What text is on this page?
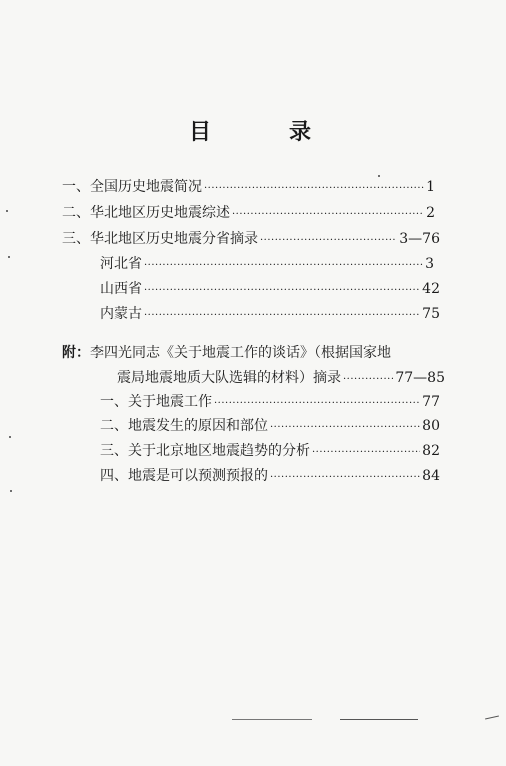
目	录
一、全国历史地震简况 ·····	1
二、华北地区历史地震综述 ·····	2
三、华北地区历史地震分省摘录 ·····	3—76
河北省 ·····	3
山西省 ·····	42
内蒙古 ·····	75
附：李四光同志《关于地震工作的谈话》（根据国家地
震局地震地质大队选辑的材料）摘录 ·····	77—85
一、关于地震工作 ·····	77
二、地震发生的原因和部位 ·····	80
三、关于北京地区地震趋势的分析 ·····	82
四、地震是可以预测预报的 ·····	84
